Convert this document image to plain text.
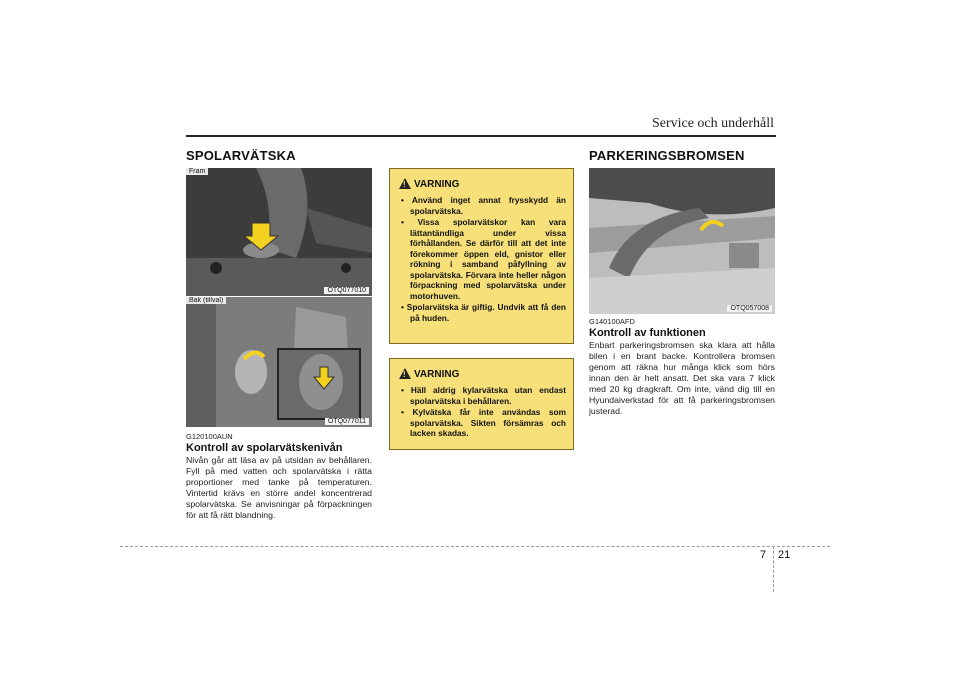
Service och underhåll
SPOLARVÄTSKA
Fram
OTQ077010
Bak (tillval)
OTQ077011
G120100AUN
Kontroll av spolarvätskenivån
Nivån går att läsa av på utsidan av behållaren. Fyll på med vatten och spolarvätska i rätta proportioner med tanke på temperaturen. Vintertid krävs en större andel koncentrerad spolarvätska. Se anvisningar på förpackningen för att få rätt blandning.
!
VARNING
• Använd inget annat frysskydd än spolarvätska.
• Vissa spolarvätskor kan vara lättantändliga under vissa förhållanden. Se därför till att det inte förekommer öppen eld, gnistor eller rökning i samband påfyllning av spolarvätska. Förvara inte heller någon förpackning med spolarvätska under motorhuven.
• Spolarvätska är giftig. Undvik att få den på huden.
!
VARNING
• Häll aldrig kylarvätska utan endast spolarvätska i behållaren.
• Kylvätska får inte användas som spolarvätska. Sikten försämras och lacken skadas.
PARKERINGSBROMSEN
OTQ057008
G140100AFD
Kontroll av funktionen
Enbart parkeringsbromsen ska klara att hålla bilen i en brant backe. Kontrollera bromsen genom att räkna hur många klick som hörs innan den är helt ansatt. Det ska vara 7 klick med 20 kg dragkraft. Om inte, vänd dig till en Hyundaiverkstad för att få parkeringsbromsen justerad.
7 21
